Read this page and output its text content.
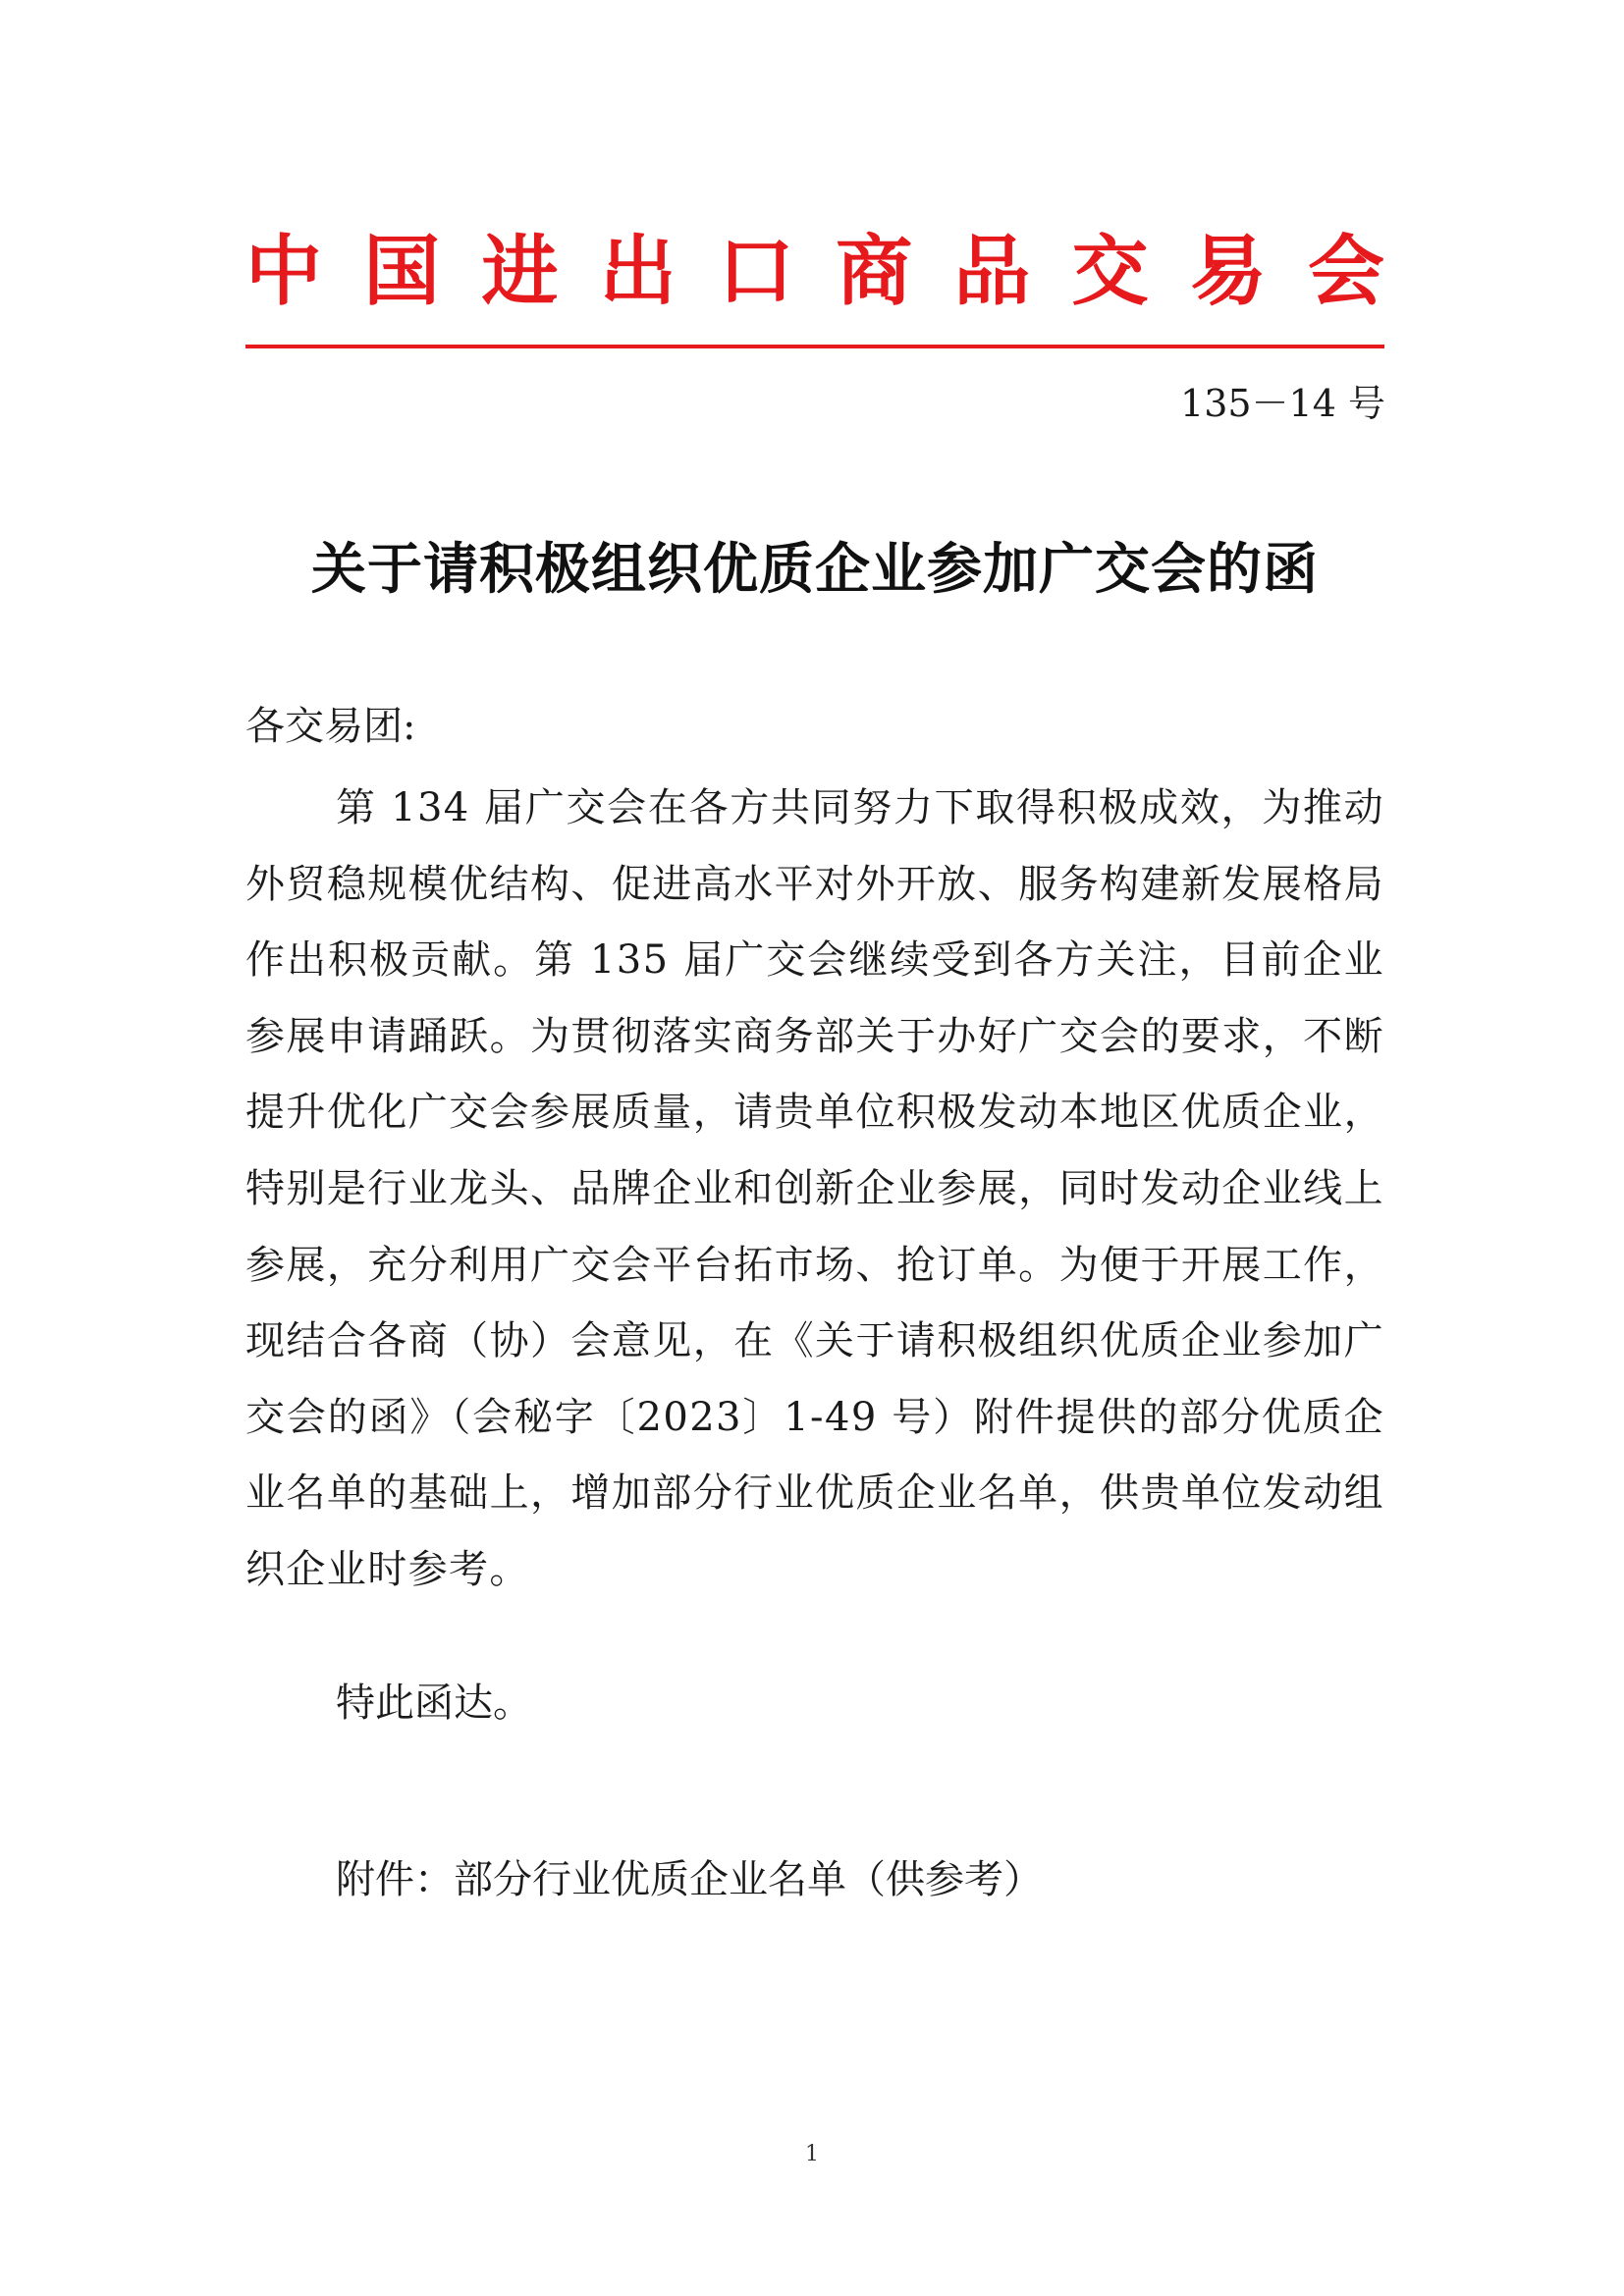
中 国 进 出 口 商 品 交 易 会
135－14 号
关于请积极组织优质企业参加广交会的函
各交易团:

第 134 届广交会在各方共同努力下取得积极成效，为推动外贸稳规模优结构、促进高水平对外开放、服务构建新发展格局作出积极贡献。第 135 届广交会继续受到各方关注，目前企业参展申请踊跃。为贯彻落实商务部关于办好广交会的要求，不断提升优化广交会参展质量，请贵单位积极发动本地区优质企业，特别是行业龙头、品牌企业和创新企业参展，同时发动企业线上参展，充分利用广交会平台拓市场、抢订单。为便于开展工作，现结合各商（协）会意见，在《关于请积极组织优质企业参加广交会的函》（会秘字〔2023〕1-49 号）附件提供的部分优质企业名单的基础上，增加部分行业优质企业名单，供贵单位发动组织企业时参考。

特此函达。
附件：部分行业优质企业名单（供参考）
1
